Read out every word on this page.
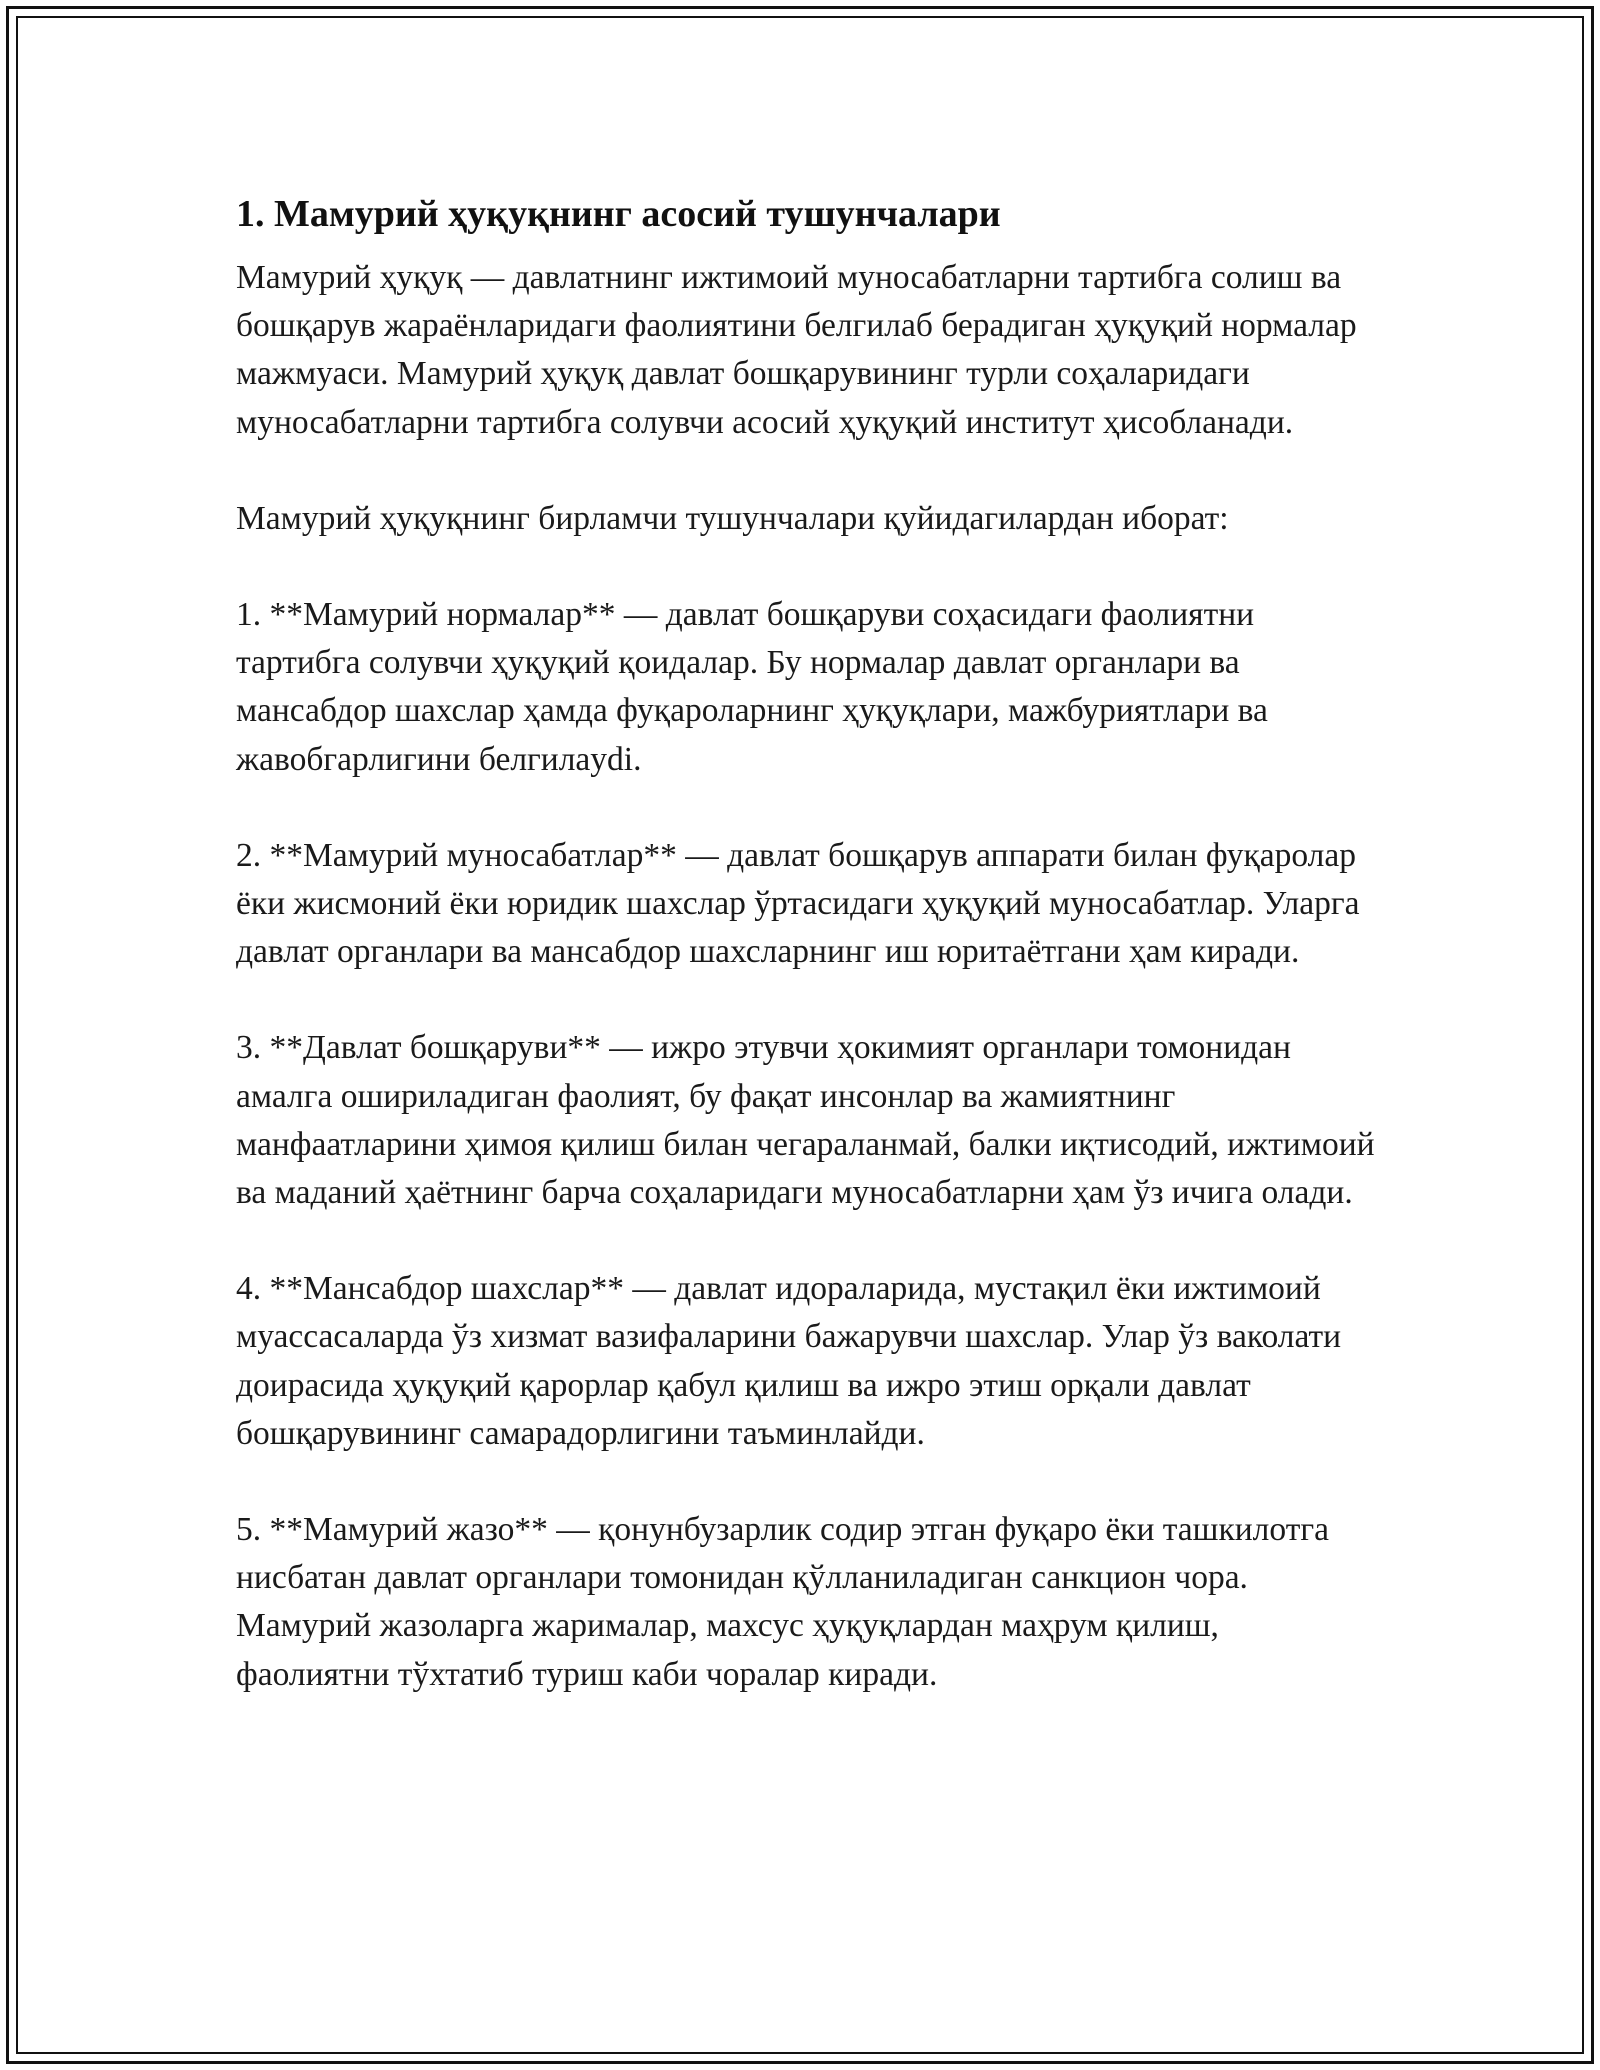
1. Мамурий ҳуқуқнинг асосий тушунчалари

Мамурий ҳуқуқ — давлатнинг ижтимоий муносабатларни тартибга солиш ва бошқарув жараёнларидаги фаолиятини белгилаб берадиган ҳуқуқий нормалар мажмуаси. Мамурий ҳуқуқ давлат бошқарувининг турли соҳаларидаги муносабатларни тартибга солувчи асосий ҳуқуқий институт ҳисобланади.

Мамурий ҳуқуқнинг бирламчи тушунчалари қуйидагилардан иборат:

1. **Мамурий нормалар** — давлат бошқаруви соҳасидаги фаолиятни тартибга солувчи ҳуқуқий қоидалар. Бу нормалар давлат органлари ва мансабдор шахслар ҳамда фуқароларнинг ҳуқуқлари, мажбуриятлари ва жавобгарлигини белгилаydi.

2. **Мамурий муносабатлар** — давлат бошқарув аппарати билан фуқаролар ёки жисмоний ёки юридик шахслар ўртасидаги ҳуқуқий муносабатлар. Уларга давлат органлари ва мансабдор шахсларнинг иш юритаётгани ҳам киради.

3. **Давлат бошқаруви** — ижро этувчи ҳокимият органлари томонидан амалга ошириладиган фаолият, бу фақат инсонлар ва жамиятнинг манфаатларини ҳимоя қилиш билан чегараланмай, балки иқтисодий, ижтимоий ва маданий ҳаётнинг барча соҳаларидаги муносабатларни ҳам ўз ичига олади.

4. **Мансабдор шахслар** — давлат идораларида, мустақил ёки ижтимоий муассасаларда ўз хизмат вазифаларини бажарувчи шахслар. Улар ўз ваколати доирасида ҳуқуқий қарорлар қабул қилиш ва ижро этиш орқали давлат бошқарувининг самарадорлигини таъминлайди.

5. **Мамурий жазо** — қонунбузарлик содир этган фуқаро ёки ташкилотга нисбатан давлат органлари томонидан қўлланиладиган санкцион чора. Мамурий жазоларга жарималар, махсус ҳуқуқлардан маҳрум қилиш, фаолиятни тўхтатиб туриш каби чоралар киради.
